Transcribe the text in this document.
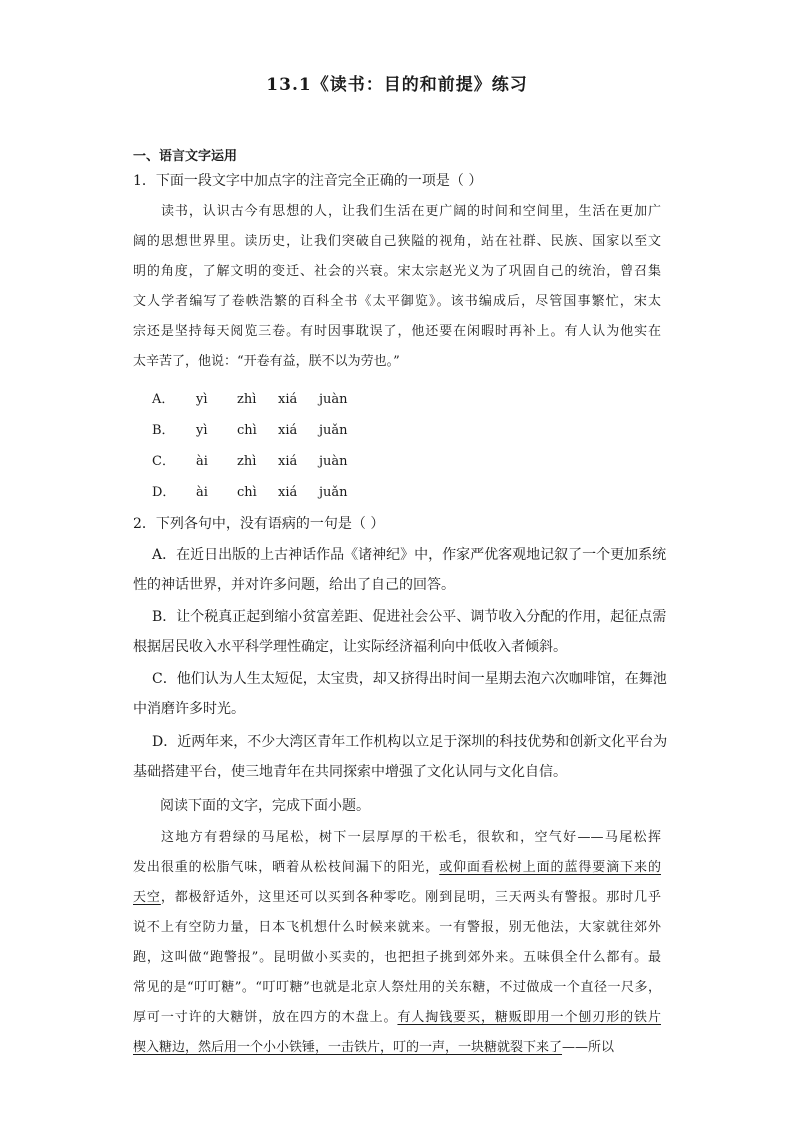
13.1《读书：目的和前提》练习
一、语言文字运用
1．下面一段文字中加点字的注音完全正确的一项是（ ）
读书，认识古今有思想的人，让我们生活在更广阔的时间和空间里，生活在更加广
阔的思想世界里。读历史，让我们突破自己狭隘的视角，站在社群、民族、国家以至文
明的角度，了解文明的变迁、社会的兴衰。宋太宗赵光义为了巩固自己的统治，曾召集
文人学者编写了卷帙浩繁的百科全书《太平御览》。该书编成后，尽管国事繁忙，宋太
宗还是坚持每天阅览三卷。有时因事耽误了，他还要在闲暇时再补上。有人认为他实在
太辛苦了，他说：“开卷有益，朕不以为劳也。”
A． yì zhì xiá juàn
B． yì chì xiá juǎn
C． ài zhì xiá juàn
D． ài chì xiá juǎn
2．下列各句中，没有语病的一句是（ ）
A．在近日出版的上古神话作品《诸神纪》中，作家严优客观地记叙了一个更加系统
性的神话世界，并对许多问题，给出了自己的回答。
B．让个税真正起到缩小贫富差距、促进社会公平、调节收入分配的作用，起征点需
根据居民收入水平科学理性确定，让实际经济福利向中低收入者倾斜。
C．他们认为人生太短促，太宝贵，却又挤得出时间一星期去泡六次咖啡馆，在舞池
中消磨许多时光。
D．近两年来，不少大湾区青年工作机构以立足于深圳的科技优势和创新文化平台为
基础搭建平台，使三地青年在共同探索中增强了文化认同与文化自信。
阅读下面的文字，完成下面小题。
这地方有碧绿的马尾松，树下一层厚厚的干松毛，很软和，空气好——马尾松挥
发出很重的松脂气味，晒着从松枝间漏下的阳光，或仰面看松树上面的蓝得要滴下来的
天空，都极舒适外，这里还可以买到各种零吃。刚到昆明，三天两头有警报。那时几乎
说不上有空防力量，日本飞机想什么时候来就来。一有警报，别无他法，大家就往郊外
跑，这叫做“跑警报”。昆明做小买卖的，也把担子挑到郊外来。五味俱全什么都有。最
常见的是“叮叮糖”。“叮叮糖”也就是北京人祭灶用的关东糖，不过做成一个直径一尺多，
厚可一寸许的大糖饼，放在四方的木盘上。有人掏钱要买，糖贩即用一个刨刃形的铁片
楔入糖边，然后用一个小小铁锤，一击铁片，叮的一声，一块糖就裂下来了——所以
